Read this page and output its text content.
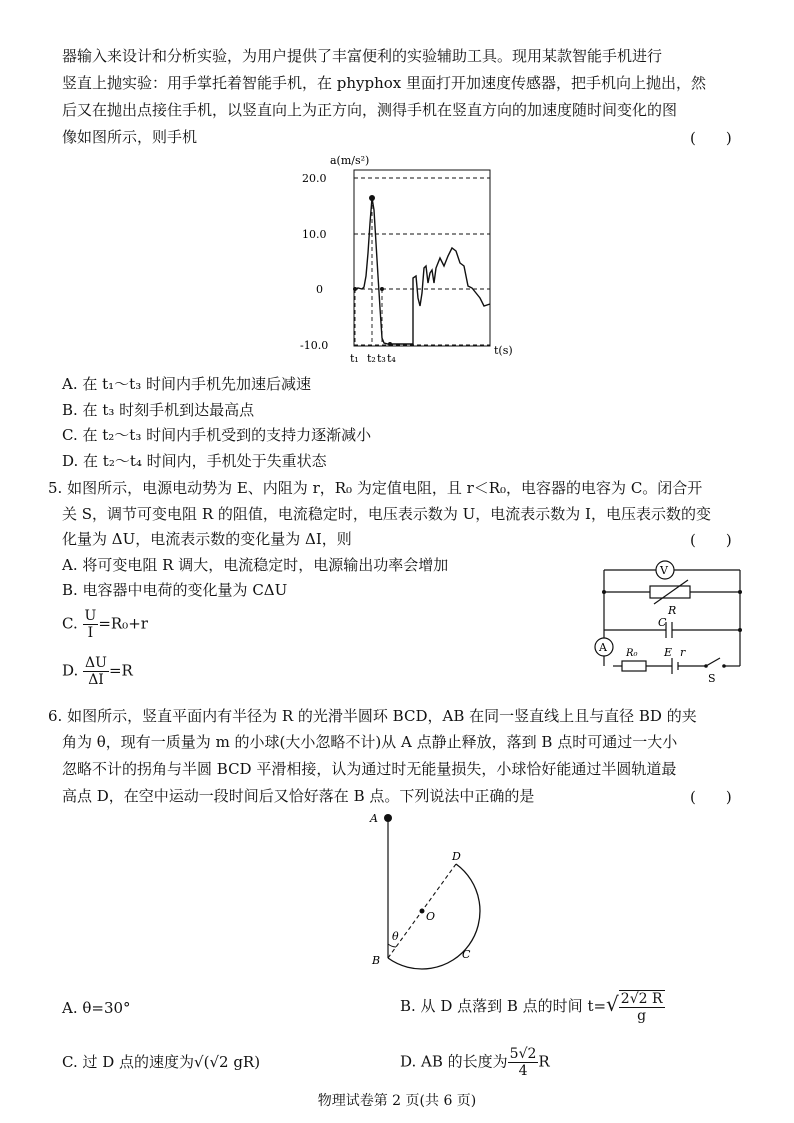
器输入来设计和分析实验，为用户提供了丰富便利的实验辅助工具。现用某款智能手机进行
竖直上抛实验：用手掌托着智能手机，在 phyphox 里面打开加速度传感器，把手机向上抛出，然
后又在抛出点接住手机，以竖直向上为正方向，测得手机在竖直方向的加速度随时间变化的图
像如图所示，则手机	(　　)
a(m/s²)
20.0
10.0
0
-10.0
t₁ t₂ t₃ t₄
t(s)
A. 在 t₁～t₃ 时间内手机先加速后减速
B. 在 t₃ 时刻手机到达最高点
C. 在 t₂～t₃ 时间内手机受到的支持力逐渐减小
D. 在 t₂～t₄ 时间内，手机处于失重状态
5. 如图所示，电源电动势为 E、内阻为 r，R₀ 为定值电阻，且 r＜R₀，电容器的电容为 C。闭合开
关 S，调节可变电阻 R 的阻值，电流稳定时，电压表示数为 U，电流表示数为 I，电压表示数的变
化量为 ΔU，电流表示数的变化量为 ΔI，则	(　　)
A. 将可变电阻 R 调大，电流稳定时，电源输出功率会增加
B. 电容器中电荷的变化量为 CΔU
C. $\frac{U}{I} =R_0+r$
D. $\frac{\Delta U}{\Delta I} =R$
V
A
R
C
R₀ E r
S
6. 如图所示，竖直平面内有半径为 R 的光滑半圆环 BCD，AB 在同一竖直线上且与直径 BD 的夹
角为 θ，现有一质量为 m 的小球(大小忽略不计)从 A 点静止释放，落到 B 点时可通过一大小
忽略不计的拐角与半圆 BCD 平滑相接，认为通过时无能量损失，小球恰好能通过半圆轨道最
高点 D，在空中运动一段时间后又恰好落在 B 点。下列说法中正确的是	(　　)
A
D
O
θ
B	C
A. θ=30°	B. 从 D 点落到 B 点的时间 $t=√ \frac{2√2 R}{g}$
C. 过 D 点的速度为√(√2 gR)	D. AB 的长度为 $\frac{5√2}{4}$ R
物理试卷第 2 页(共 6 页)
